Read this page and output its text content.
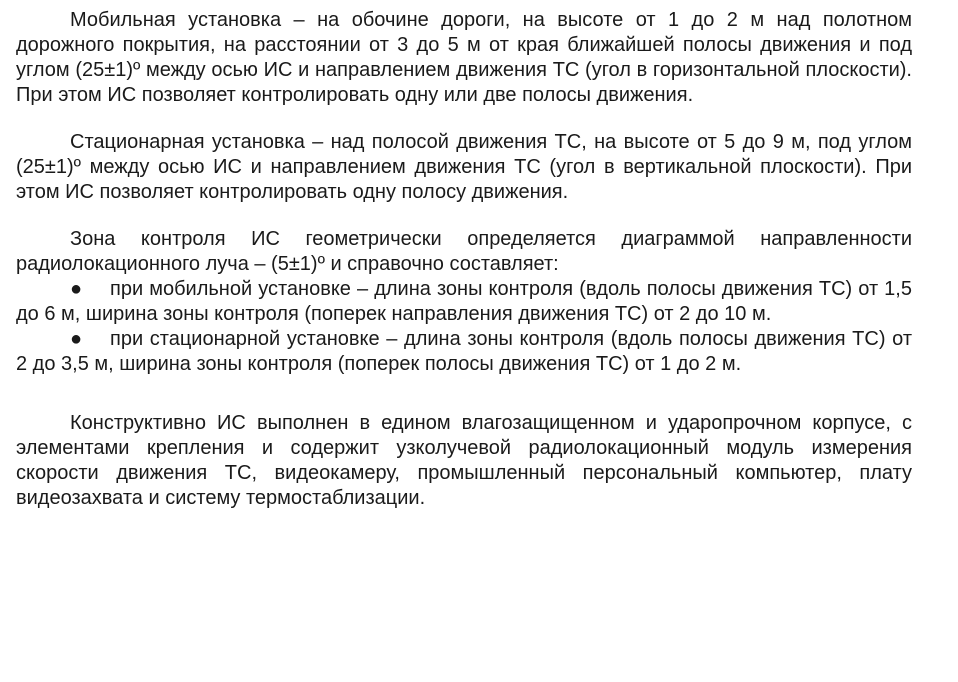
Мобильная установка – на обочине дороги, на высоте от 1 до 2 м над полотном дорожного покрытия, на расстоянии от 3 до 5 м от края ближайшей полосы движения и под углом (25±1)º между осью ИС и направлением движения ТС (угол в горизонтальной плоскости). При этом ИС позволяет контролировать одну или две полосы движения.

Стационарная установка – над полосой движения ТС, на высоте от 5 до 9 м, под углом (25±1)º между осью ИС и направлением движения ТС (угол в вертикальной плоскости). При этом ИС позволяет контролировать одну полосу движения.

Зона контроля ИС геометрически определяется диаграммой направленности радиолокационного луча – (5±1)º и справочно составляет:

● при мобильной установке – длина зоны контроля (вдоль полосы движения ТС) от 1,5 до 6 м, ширина зоны контроля (поперек направления движения ТС) от 2 до 10 м.

● при стационарной установке – длина зоны контроля (вдоль полосы движения ТС) от 2 до 3,5 м, ширина зоны контроля (поперек полосы движения ТС) от 1 до 2 м.

Конструктивно ИС выполнен в едином влагозащищенном и ударопрочном корпусе, с элементами крепления и содержит узколучевой радиолокационный модуль измерения скорости движения ТС, видеокамеру, промышленный персональный компьютер, плату видеозахвата и систему термостаблизации.
